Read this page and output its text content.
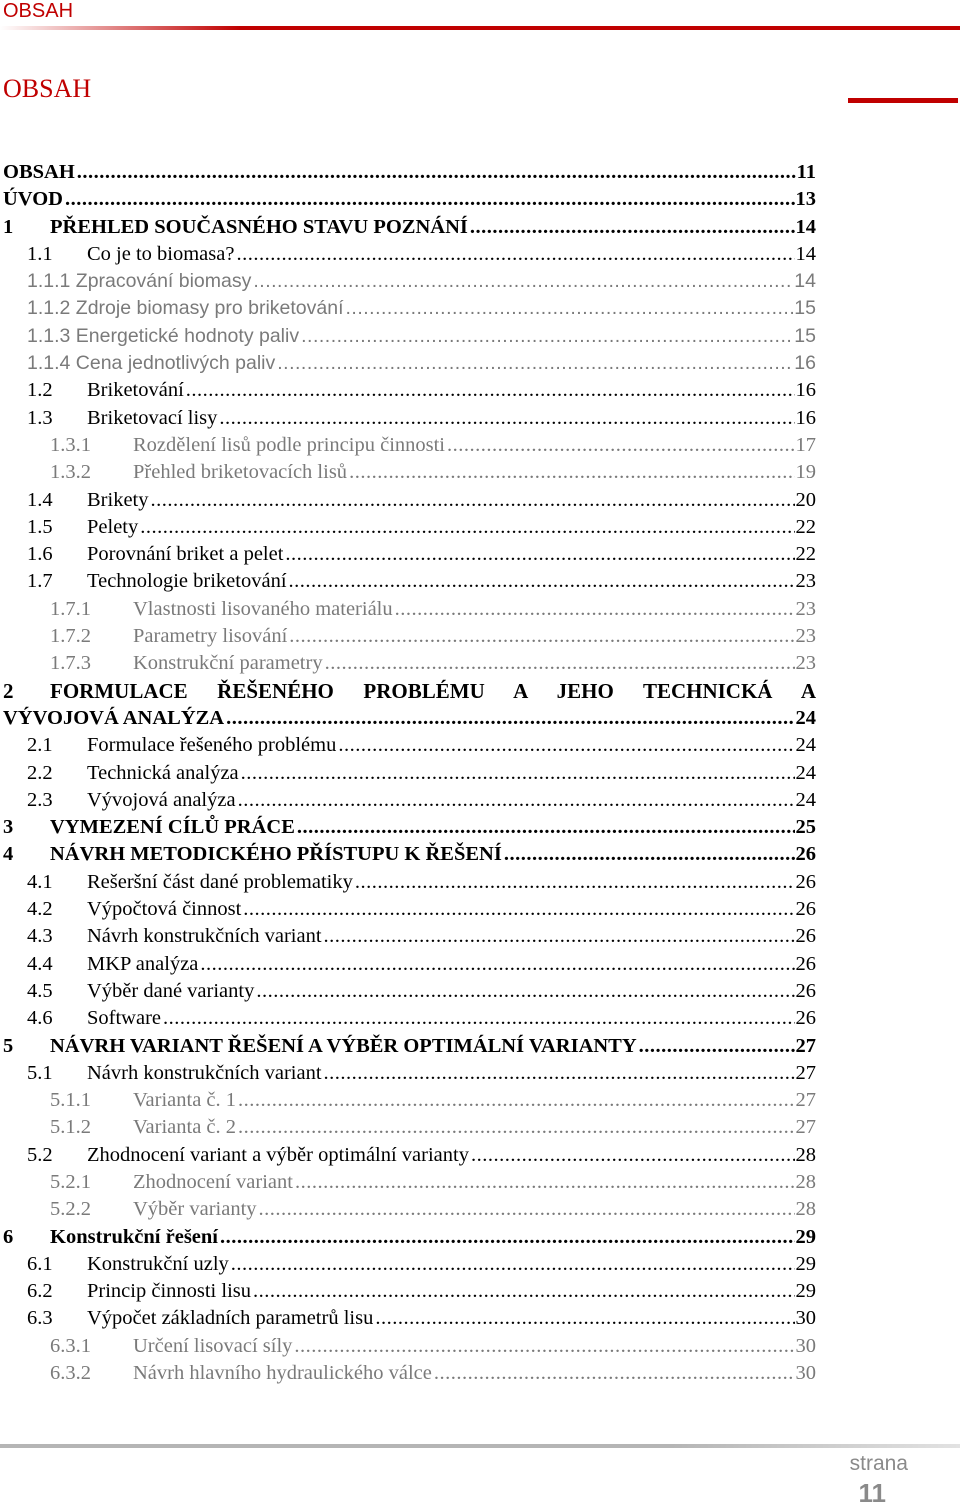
OBSAH
OBSAH
OBSAH .....	11
ÚVOD .....	13
1 PŘEHLED SOUČASNÉHO STAVU POZNÁNÍ .....	14
1.1 Co je to biomasa? .....	14
1.1.1 Zpracování biomasy .....	14
1.1.2 Zdroje biomasy pro briketování .....	15
1.1.3 Energetické hodnoty paliv .....	15
1.1.4 Cena jednotlivých paliv .....	16
1.2 Briketování .....	16
1.3 Briketovací lisy .....	16
1.3.1 Rozdělení lisů podle principu činnosti .....	17
1.3.2 Přehled briketovacích lisů .....	19
1.4 Brikety .....	20
1.5 Pelety .....	22
1.6 Porovnání briket a pelet .....	22
1.7 Technologie briketování .....	23
1.7.1 Vlastnosti lisovaného materiálu .....	23
1.7.2 Parametry lisování .....	23
1.7.3 Konstrukční parametry .....	23
2 FORMULACE ŘEŠENÉHO PROBLÉMU A JEHO TECHNICKÁ A
VÝVOJOVÁ ANALÝZA .....	24
2.1 Formulace řešeného problému .....	24
2.2 Technická analýza .....	24
2.3 Vývojová analýza .....	24
3 VYMEZENÍ CÍLŮ PRÁCE .....	25
4 NÁVRH METODICKÉHO PŘÍSTUPU K ŘEŠENÍ .....	26
4.1 Rešeršní část dané problematiky .....	26
4.2 Výpočtová činnost .....	26
4.3 Návrh konstrukčních variant .....	26
4.4 MKP analýza .....	26
4.5 Výběr dané varianty .....	26
4.6 Software .....	26
5 NÁVRH VARIANT ŘEŠENÍ A VÝBĚR OPTIMÁLNÍ VARIANTY .....	27
5.1 Návrh konstrukčních variant .....	27
5.1.1 Varianta č. 1 .....	27
5.1.2 Varianta č. 2 .....	27
5.2 Zhodnocení variant a výběr optimální varianty .....	28
5.2.1 Zhodnocení variant .....	28
5.2.2 Výběr varianty .....	28
6 Konstrukční řešení .....	29
6.1 Konstrukční uzly .....	29
6.2 Princip činnosti lisu .....	29
6.3 Výpočet základních parametrů lisu .....	30
6.3.1 Určení lisovací síly .....	30
6.3.2 Návrh hlavního hydraulického válce .....	30
strana
11
